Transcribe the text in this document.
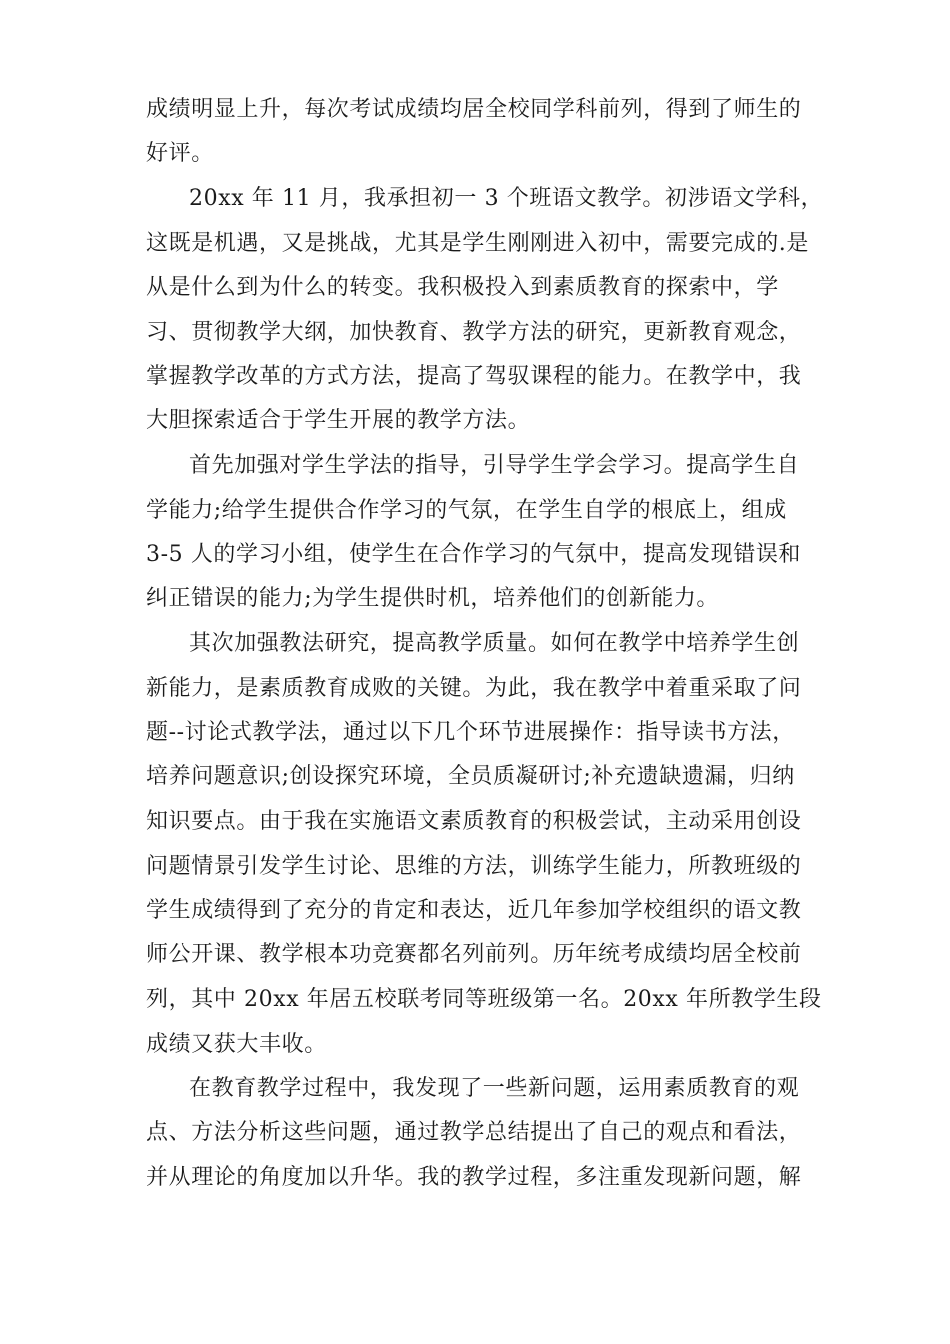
成绩明显上升，每次考试成绩均居全校同学科前列，得到了师生的
好评。
20xx 年 11 月，我承担初一 3 个班语文教学。初涉语文学科，
这既是机遇，又是挑战，尤其是学生刚刚进入初中，需要完成的.是
从是什么到为什么的转变。我积极投入到素质教育的探索中，学
习、贯彻教学大纲，加快教育、教学方法的研究，更新教育观念，
掌握教学改革的方式方法，提高了驾驭课程的能力。在教学中，我
大胆探索适合于学生开展的教学方法。
首先加强对学生学法的指导，引导学生学会学习。提高学生自
学能力;给学生提供合作学习的气氛，在学生自学的根底上，组成
3-5 人的学习小组，使学生在合作学习的气氛中，提高发现错误和
纠正错误的能力;为学生提供时机，培养他们的创新能力。
其次加强教法研究，提高教学质量。如何在教学中培养学生创
新能力，是素质教育成败的关键。为此，我在教学中着重采取了问
题--讨论式教学法，通过以下几个环节进展操作：指导读书方法，
培养问题意识;创设探究环境，全员质凝研讨;补充遗缺遗漏，归纳
知识要点。由于我在实施语文素质教育的积极尝试，主动采用创设
问题情景引发学生讨论、思维的方法，训练学生能力，所教班级的
学生成绩得到了充分的肯定和表达，近几年参加学校组织的语文教
师公开课、教学根本功竞赛都名列前列。历年统考成绩均居全校前
列，其中 20xx 年居五校联考同等班级第一名。20xx 年所教学生段
成绩又获大丰收。
在教育教学过程中，我发现了一些新问题，运用素质教育的观
点、方法分析这些问题，通过教学总结提出了自己的观点和看法，
并从理论的角度加以升华。我的教学过程，多注重发现新问题，解
